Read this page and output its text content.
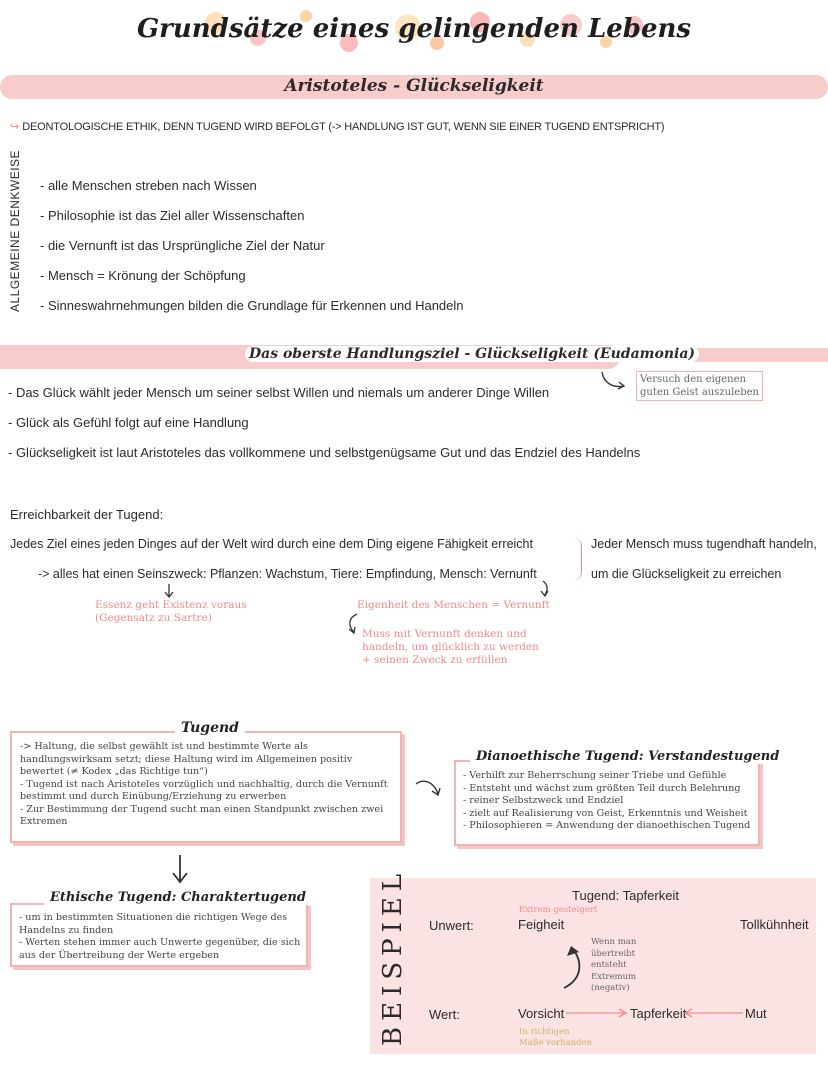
Grundsätze eines gelingenden Lebens
Aristoteles - Glückseligkeit
↪ DEONTOLOGISCHE ETHIK, DENN TUGEND WIRD BEFOLGT (-> HANDLUNG IST GUT, WENN SIE EINER TUGEND ENTSPRICHT)
ALLGEMEINE DENKWEISE - alle Menschen streben nach Wissen
- Philosophie ist das Ziel aller Wissenschaften
- die Vernunft ist das Ursprüngliche Ziel der Natur
- Mensch = Krönung der Schöpfung
- Sinneswahrnehmungen bilden die Grundlage für Erkennen und Handeln
Das oberste Handlungsziel - Glückseligkeit (Eudamonia)
Versuch den eigenen
guten Geist auszuleben
- Das Glück wählt jeder Mensch um seiner selbst Willen und niemals um anderer Dinge Willen
- Glück als Gefühl folgt auf eine Handlung
- Glückseligkeit ist laut Aristoteles das vollkommene und selbstgenügsame Gut und das Endziel des Handelns
Erreichbarkeit der Tugend:
Jedes Ziel eines jeden Dinges auf der Welt wird durch eine dem Ding eigene Fähigkeit erreicht
-> alles hat einen Seinszweck: Pflanzen: Wachstum, Tiere: Empfindung, Mensch: Vernunft
Jeder Mensch muss tugendhaft handeln,
um die Glückseligkeit zu erreichen
Essenz geht Existenz voraus
(Gegensatz zu Sartre)
Eigenheit des Menschen = Vernunft
Muss mit Vernunft denken und
handeln, um glücklich zu werden
+ seinen Zweck zu erfüllen

-> Haltung, die selbst gewählt ist und bestimmte Werte als

handlungswirksam setzt; diese Haltung wird im Allgemeinen positiv

bewertet (≠ Kodex „das Richtige tun“)

- Tugend ist nach Aristoteles vorzüglich und nachhaltig, durch die Vernunft

bestimmt und durch Einübung/Erziehung zu erwerben

- Zur Bestimmung der Tugend sucht man einen Standpunkt zwischen zwei

Extremen

Tugend

- Verhilft zur Beherrschung seiner Triebe und Gefühle

- Entsteht und wächst zum größten Teil durch Belehrung

- reiner Selbstzweck und Endziel

- zielt auf Realisierung von Geist, Erkenntnis und Weisheit

- Philosophieren = Anwendung der dianoethischen Tugend

Dianoethische Tugend: Verstandestugend

- um in bestimmten Situationen die richtigen Wege des

Handelns zu finden

- Werten stehen immer auch Unwerte gegenüber, die sich

aus der Übertreibung der Werte ergeben

Ethische Tugend: Charaktertugend	BEISPIEL	Tugend: Tapferkeit
Extrem gesteigert
Unwert:	Feigheit	Tollkühnheit
Wenn man
übertreibt
entsteht
Extremum
(negativ)
Wert:	Vorsicht	Tapferkeit	Mut
In richtigen
Maße vorhanden
